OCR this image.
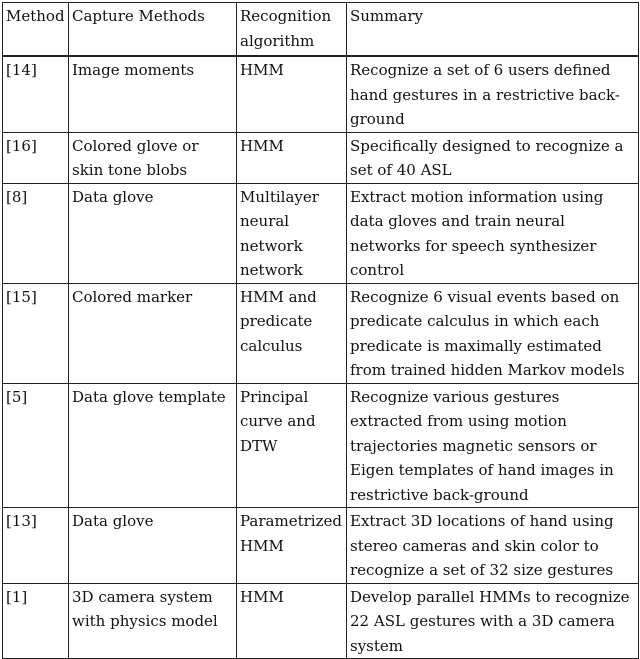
Method	Capture Methods	Recognition algorithm	Summary
[14]	Image moments	HMM	Recognize a set of 6 users defined hand gestures in a restrictive back-ground
[16]	Colored glove or skin tone blobs	HMM	Specifically designed to recognize a set of 40 ASL
[8]	Data glove	Multilayer neural network network	Extract motion information using data gloves and train neural networks for speech synthesizer control
[15]	Colored marker	HMM and predicate calculus	Recognize 6 visual events based on predicate calculus in which each predicate is maximally estimated from trained hidden Markov models
[5]	Data glove template	Principal curve and DTW	Recognize various gestures extracted from using motion trajectories magnetic sensors or Eigen templates of hand images in restrictive back-ground
[13]	Data glove	Parametrized HMM	Extract 3D locations of hand using stereo cameras and skin color to recognize a set of 32 size gestures
[1]	3D camera system with physics model	HMM	Develop parallel HMMs to recognize 22 ASL gestures with a 3D camera system
